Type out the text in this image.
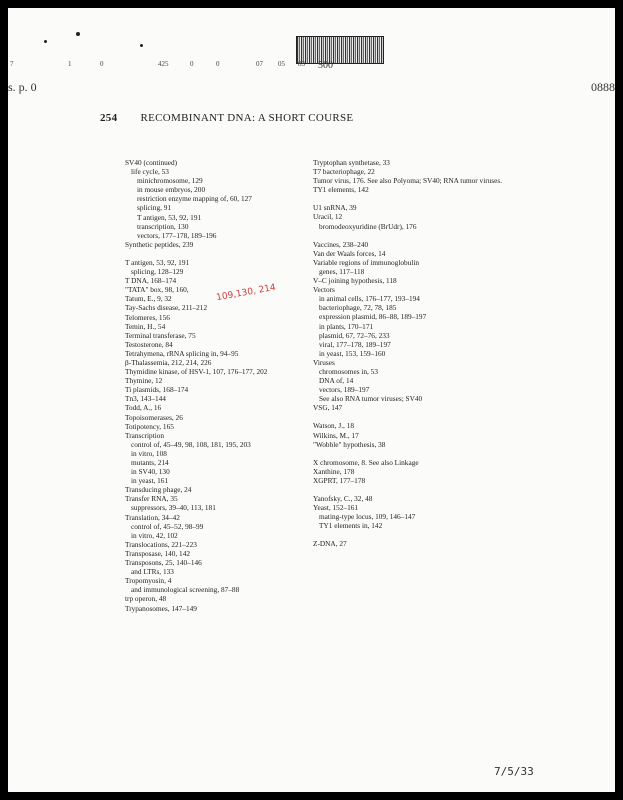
7	1	0	425	0	0	07 05 83 500
s. p. 0	0888
254 RECOMBINANT DNA: A SHORT COURSE
SV40 (continued)
life cycle, 53
minichromosome, 129
in mouse embryos, 200
restriction enzyme mapping of, 60, 127
splicing, 91
T antigen, 53, 92, 191
transcription, 130
vectors, 177–178, 189–196
Synthetic peptides, 239
T antigen, 53, 92, 191
splicing, 128–129
T DNA, 168–174
"TATA" box, 98, 160,
Tatum, E., 9, 32
Tay-Sachs disease, 211–212
Telomeres, 156
Temin, H., 54
Terminal transferase, 75
Testosterone, 84
Tetrahymena, rRNA splicing in, 94–95
β-Thalassemia, 212, 214, 226
Thymidine kinase, of HSV-1, 107, 176–177, 202
Thymine, 12
Ti plasmids, 168–174
Tn3, 143–144
Todd, A., 16
Topoisomerases, 26
Totipotency, 165
Transcription
control of, 45–49, 98, 108, 181, 195, 203
in vitro, 108
mutants, 214
in SV40, 130
in yeast, 161
Transducing phage, 24
Transfer RNA, 35
suppressors, 39–40, 113, 181
Translation, 34–42
control of, 45–52, 98–99
in vitro, 42, 102
Translocations, 221–223
Transposase, 140, 142
Transposons, 25, 140–146
and LTRs, 133
Tropomyosin, 4
and immunological screening, 87–88
trp operon, 48
Trypanosomes, 147–149
Tryptophan synthetase, 33
T7 bacteriophage, 22
Tumor virus, 176. See also Polyoma; SV40; RNA tumor viruses.
TY1 elements, 142
U1 snRNA, 39
Uracil, 12
bromodeoxyuridine (BrUdr), 176
Vaccines, 238–240
Van der Waals forces, 14
Variable regions of immunoglobulin
genes, 117–118
V–C joining hypothesis, 118
Vectors
in animal cells, 176–177, 193–194
bacteriophage, 72, 78, 185
expression plasmid, 86–88, 189–197
in plants, 170–171
plasmid, 67, 72–76, 233
viral, 177–178, 189–197
in yeast, 153, 159–160
Viruses
chromosomes in, 53
DNA of, 14
vectors, 189–197
See also RNA tumor viruses; SV40
VSG, 147
Watson, J., 18
Wilkins, M., 17
"Wobble" hypothesis, 38
X chromosome, 8. See also Linkage
Xanthine, 178
XGPRT, 177–178
Yanofsky, C., 32, 48
Yeast, 152–161
mating-type locus, 109, 146–147
TY1 elements in, 142
Z-DNA, 27
109,130, 214
7/5/33
